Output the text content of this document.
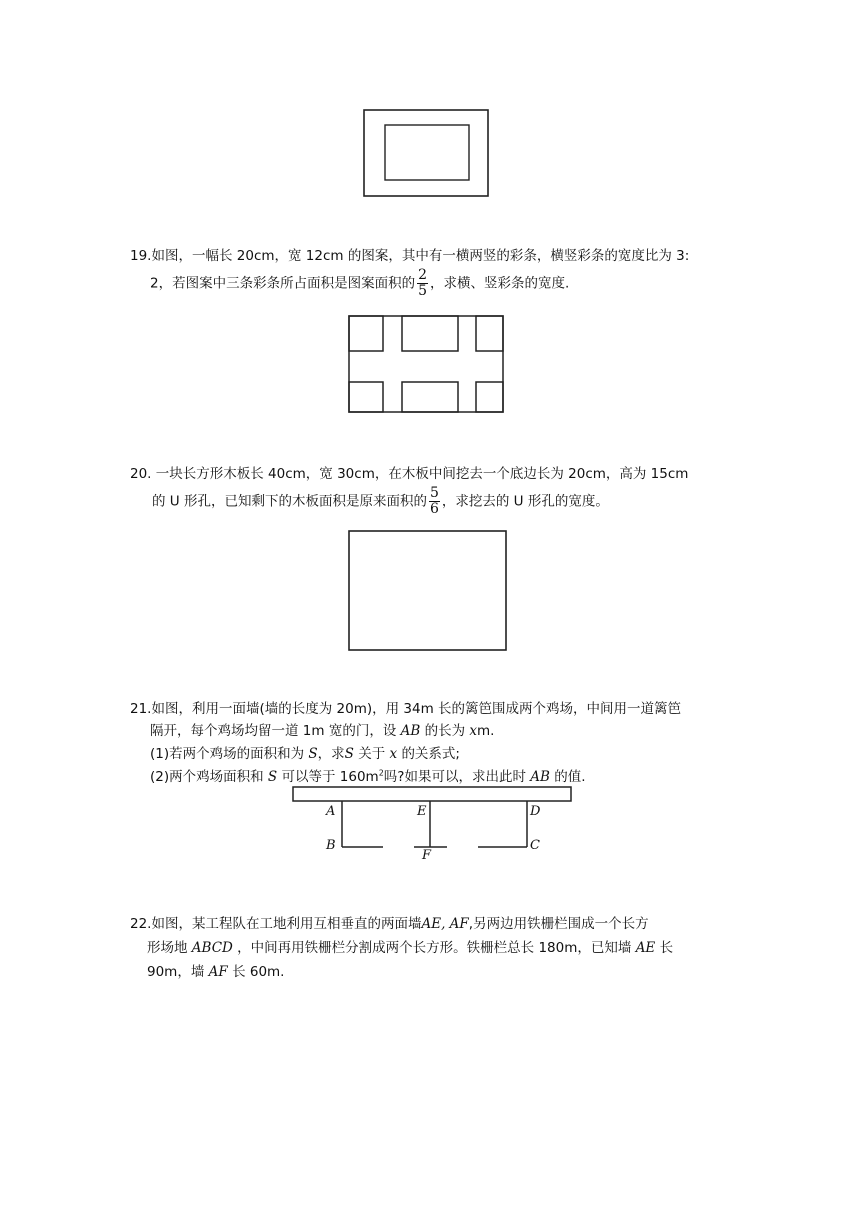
19.如图，一幅长 20cm，宽 12cm 的图案，其中有一横两竖的彩条，横竖彩条的宽度比为 3:
2，若图案中三条彩条所占面积是图案面积的 $\frac{2}{5}$ ，求横、竖彩条的宽度.
20. 一块长方形木板长 40cm，宽 30cm，在木板中间挖去一个底边长为 20cm，高为 15cm
的 U 形孔，已知剩下的木板面积是原来面积的 $\frac{5}{6}$ ，求挖去的 U 形孔的宽度。
21.如图，利用一面墙(墙的长度为 20m)，用 34m 长的篱笆围成两个鸡场，中间用一道篱笆
隔开，每个鸡场均留一道 1m 宽的门，设 AB 的长为 xm.
(1)若两个鸡场的面积和为 S，求S 关于 x 的关系式;
(2)两个鸡场面积和 S 可以等于 $160m^2$吗?如果可以，求出此时 AB 的值.
A	E	D
B
F
C
22.如图，某工程队在工地利用互相垂直的两面墙AE, AF,另两边用铁栅栏围成一个长方
形场地 ABCD ，中间再用铁栅栏分割成两个长方形。铁栅栏总长 180m，已知墙 AE 长
90m，墙 AF 长 60m.
